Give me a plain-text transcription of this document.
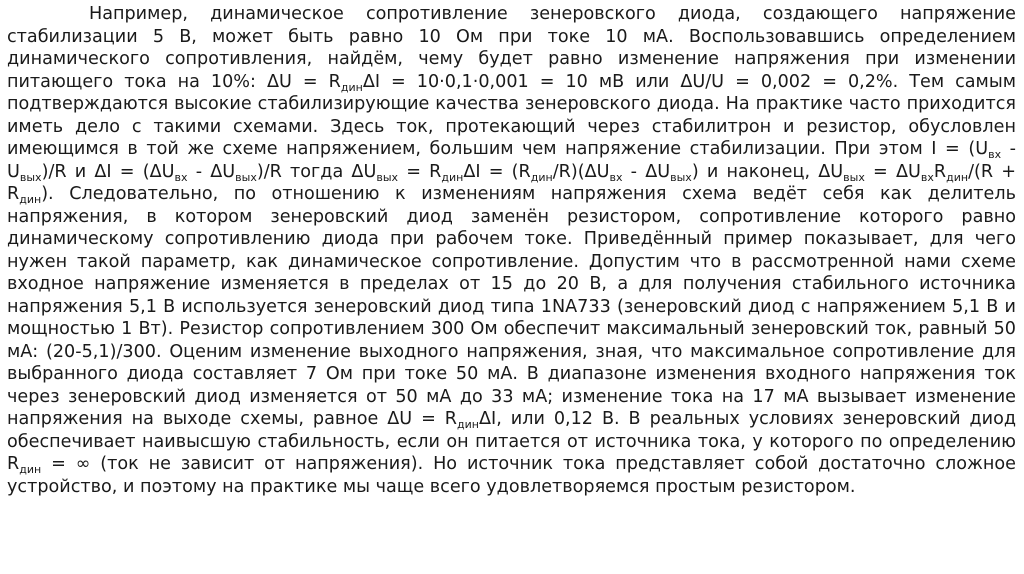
Например, динамическое сопротивление зенеровского диода, создающего напряжение стабилизации 5 В, может быть равно 10 Ом при токе 10 мА. Воспользовавшись определением динамического сопротивления, найдём, чему будет равно изменение напряжения при изменении питающего тока на 10%: $\Delta U = R_{дин}\Delta I = 10\cdot 0,1\cdot 0,001 = 10$ мВ или ΔU/U = 0,002 = 0,2%. Тем самым подтверждаются высокие стабилизирующие качества зенеровского диода. На практике часто приходится иметь дело с такими схемами. Здесь ток, протекающий через стабилитрон и резистор, обусловлен имеющимся в той же схеме напряжением, большим чем напряжение стабилизации. При этом $I = (U_{вх} - U_{вых})/R$ и $\Delta I = (\Delta U_{вх} - \Delta U_{вых})/R$ тогда $\Delta U_{вых} = R_{дин}\Delta I = (R_{дин}/R)(\Delta U_{вх} - \Delta U_{вых})$ и наконец, $\Delta U_{вых} = \Delta U_{вх}R_{дин}/(R + R_{дин})$. Следовательно, по отношению к изменениям напряжения схема ведёт себя как делитель напряжения, в котором зенеровский диод заменён резистором, сопротивление которого равно динамическому сопротивлению диода при рабочем токе. Приведённый пример показывает, для чего нужен такой параметр, как динамическое сопротивление. Допустим что в рассмотренной нами схеме входное напряжение изменяется в пределах от 15 до 20 В, а для получения стабильного источника напряжения 5,1 В используется зенеровский диод типа 1NA733 (зенеровский диод с напряжением 5,1 В и мощностью 1 Вт). Резистор сопротивлением 300 Ом обеспечит максимальный зенеровский ток, равный 50 мА: (20-5,1)/300. Оценим изменение выходного напряжения, зная, что максимальное сопротивление для выбранного диода составляет 7 Ом при токе 50 мА. В диапазоне изменения входного напряжения ток через зенеровский диод изменяется от 50 мА до 33 мА; изменение тока на 17 мА вызывает изменение напряжения на выходе схемы, равное $\Delta U = R_{дин}\Delta I$, или 0,12 В. В реальных условиях зенеровский диод обеспечивает наивысшую стабильность, если он питается от источника тока, у которого по определению $R_{дин}$ = ∞ (ток не зависит от напряжения). Но источник тока представляет собой достаточно сложное устройство, и поэтому на практике мы чаще всего удовлетворяемся простым резистором.
